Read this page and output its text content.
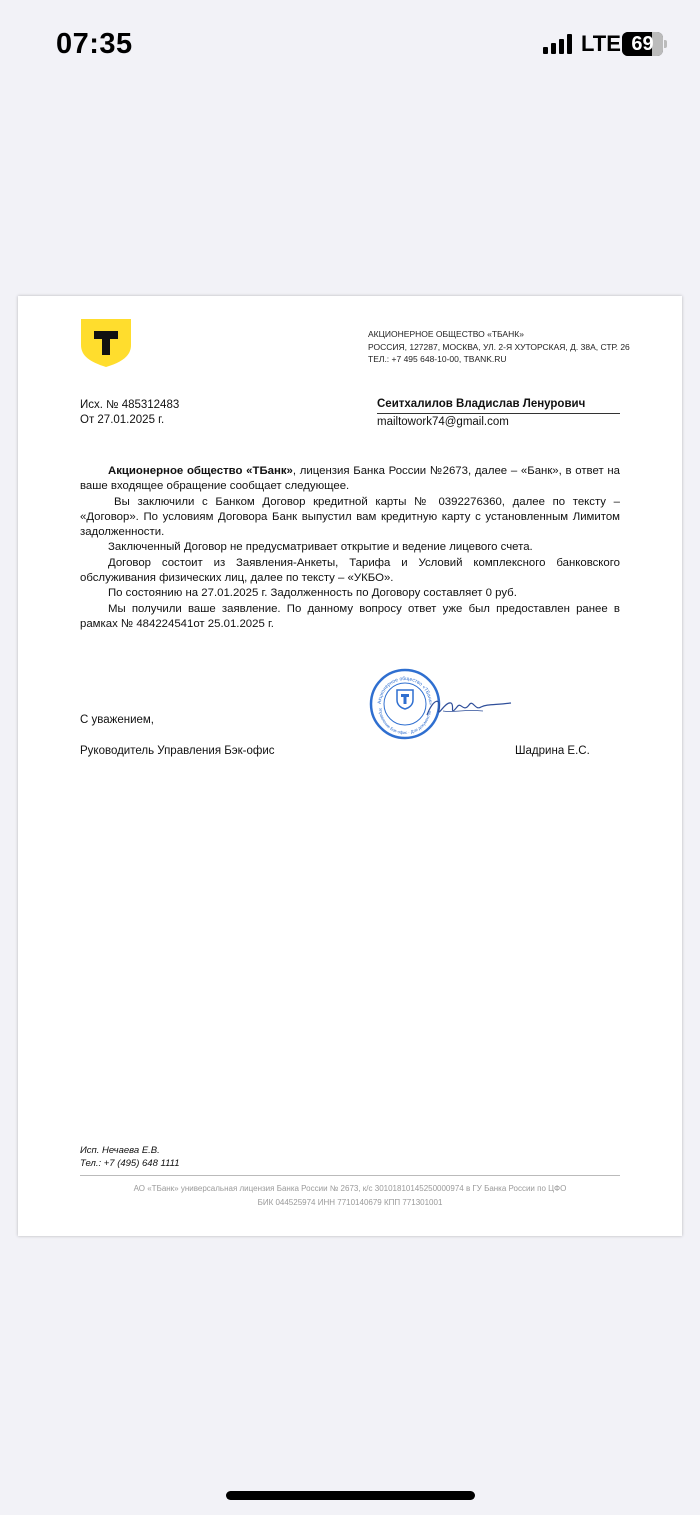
07:35	LTE 69
АКЦИОНЕРНОЕ ОБЩЕСТВО «ТБАНК»
РОССИЯ, 127287, МОСКВА, УЛ. 2-Я ХУТОРСКАЯ, Д. 38А, СТР. 26
ТЕЛ.: +7 495 648-10-00, TBANK.RU
Исх. № 485312483
От 27.01.2025 г.
Сеитхалилов Владислав Ленурович
mailtowork74@gmail.com

Акционерное общество «ТБанк», лицензия Банка России №2673, далее – «Банк», в ответ на ваше входящее обращение сообщает следующее.

Вы заключили с Банком Договор кредитной карты № 0392276360, далее по тексту – «Договор». По условиям Договора Банк выпустил вам кредитную карту с установленным Лимитом задолженности.

Заключенный Договор не предусматривает открытие и ведение лицевого счета.

Договор состоит из Заявления-Анкеты, Тарифа и Условий комплексного банковского обслуживания физических лиц, далее по тексту – «УКБО».

По состоянию на 27.01.2025 г. Задолженность по Договору составляет 0 руб.

Мы получили ваше заявление. По данному вопросу ответ уже был предоставлен ранее в рамках № 484224541от 25.01.2025 г.

Акционерное общество «ТБанк»
Управление Бэк-офис · Для документов ·
С уважением,
Руководитель Управления Бэк-офис	Шадрина Е.С.
Исп. Нечаева Е.В.
Тел.: +7 (495) 648 1111
АО «ТБанк» универсальная лицензия Банка России № 2673, к/с 30101810145250000974 в ГУ Банка России по ЦФО
БИК 044525974 ИНН 7710140679 КПП 771301001
